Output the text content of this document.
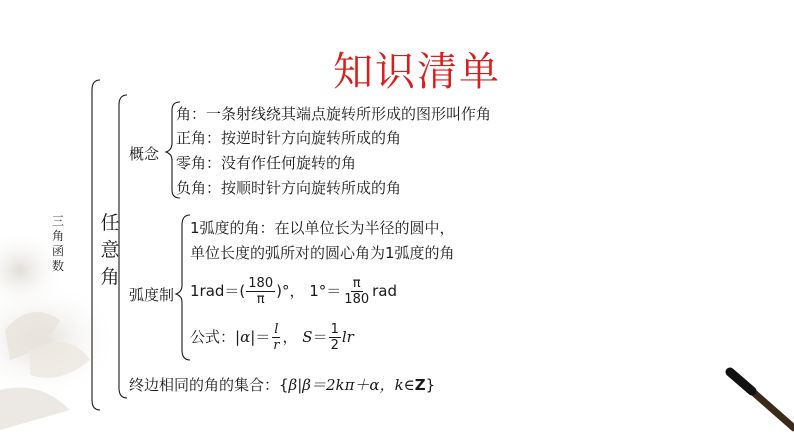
知识清单
三
角
函
数
任
意
角
概念
角：一条射线绕其端点旋转所形成的图形叫作角
正角：按逆时针方向旋转所成的角
零角：没有作任何旋转的角
负角：按顺时针方向旋转所成的角
弧度制
1弧度的角：在以单位长为半径的圆中，
单位长度的弧所对的圆心角为1弧度的角
$1rad=( \frac{180}{\pi}$ )°， $1^\circ= \frac{\pi}{180}$ rad
公式：$|\alpha|= \frac{l}{r}$ ， $S= \frac{1}{2}$ lr
终边相同的角的集合：{β|β＝2kπ＋α，k∈Z}
